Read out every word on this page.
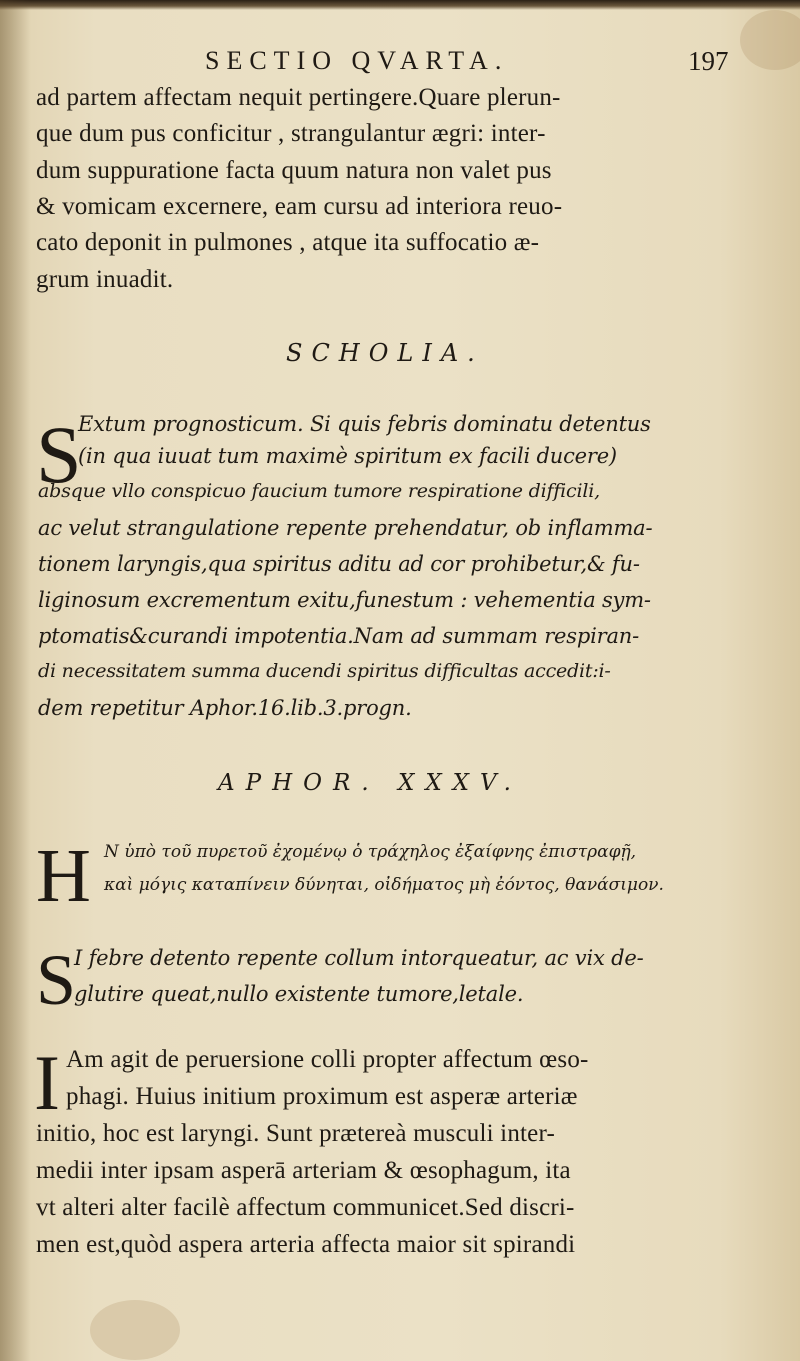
SECTIO QVARTA.	197
ad partem affectam nequit pertingere.Quare plerun-
que dum pus conficitur , strangulantur ægri: inter-
dum suppuratione facta quum natura non valet pus
& vomicam excernere, eam cursu ad interiora reuo-
cato deponit in pulmones , atque ita suffocatio æ-
grum inuadit.
SCHOLIA.
S
Extum prognosticum. Si quis febris dominatu detentus
(in qua iuuat tum maximè spiritum ex facili ducere)
absque vllo conspicuo faucium tumore respiratione difficili,
ac velut strangulatione repente prehendatur, ob inflamma-
tionem laryngis,qua spiritus aditu ad cor prohibetur,& fu-
liginosum excrementum exitu,funestum : vehementia sym-
ptomatis&curandi impotentia.Nam ad summam respiran-
di necessitatem summa ducendi spiritus difficultas accedit:i-
dem repetitur Aphor.16.lib.3.progn.
APHOR. XXXV.
H Ν ὑπὸ τοῦ πυρετοῦ ἐχομένῳ ὁ τράχηλος ἐξαίφνης ἐπιστραφῇ,
καὶ μόγις καταπίνειν δύνηται, οἰδήματος μὴ ἐόντος, θανάσιμον.
S
I febre detento repente collum intorqueatur, ac vix de-
glutire queat,nullo existente tumore,letale.
I Am agit de peruersione colli propter affectum œso-
phagi. Huius initium proximum est asperæ arteriæ
initio, hoc est laryngi. Sunt prætereà musculi inter-
medii inter ipsam asperā arteriam & œsophagum, ita
vt alteri alter facilè affectum communicet.Sed discri-
men est,quòd aspera arteria affecta maior sit spirandi
